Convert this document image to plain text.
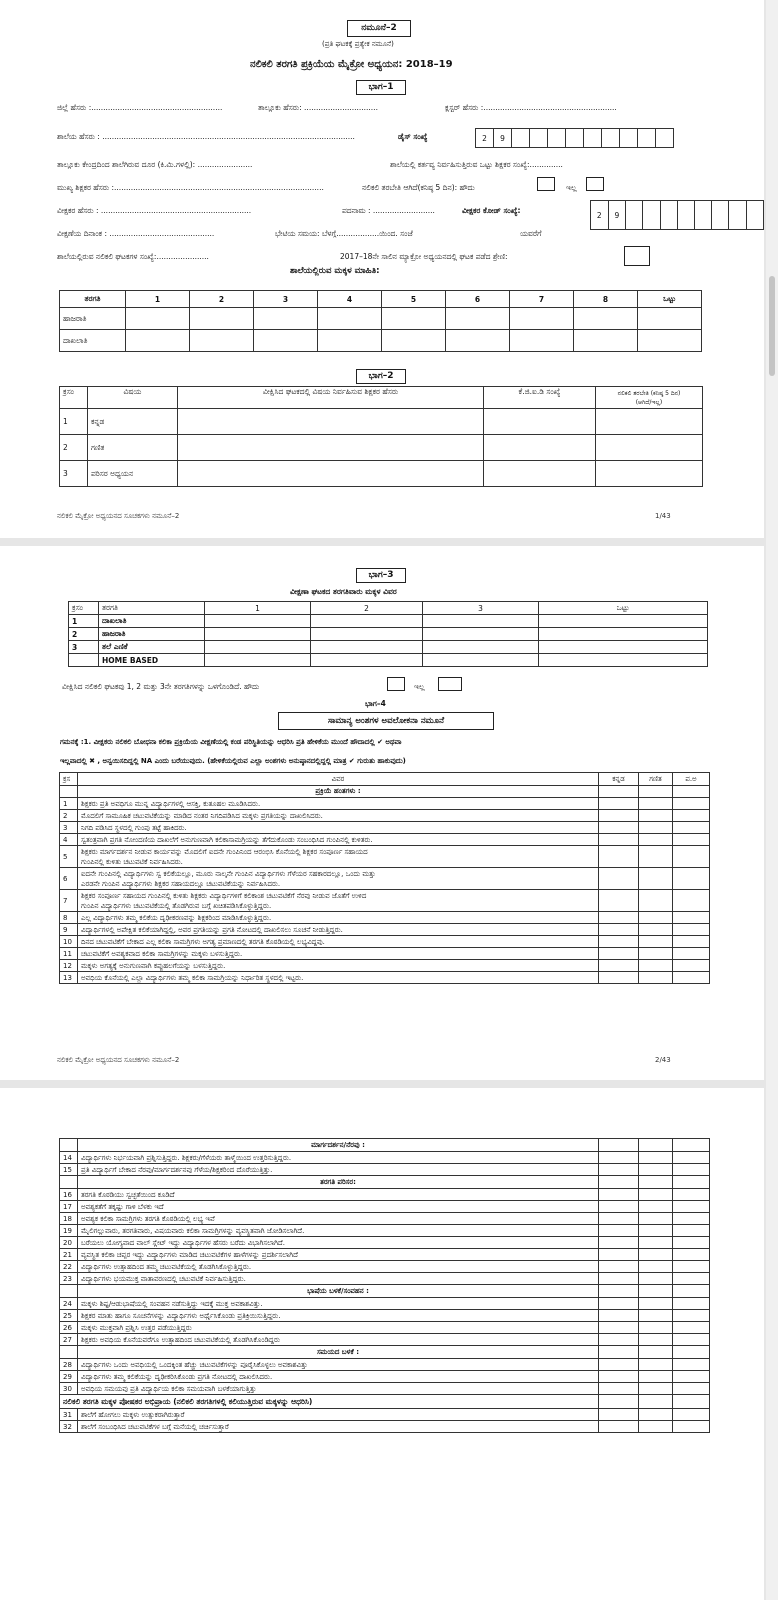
ನಮೂನೆ–2
(ಪ್ರತಿ ಘಟಕಕ್ಕೆ ಪ್ರತ್ಯೇಕ ನಮೂನೆ)
ನಲಿಕಲಿ ತರಗತಿ ಪ್ರಕ್ರಿಯೆಯ ಮೈಕ್ರೋ ಅಧ್ಯಯನ: 2018–19
ಭಾಗ–1
ಜಿಲ್ಲೆ ಹೆಸರು :.......................................................	ತಾಲ್ಲೂಕು ಹೆಸರು: ...............................	ಕ್ಲಸ್ಟರ್ ಹೆಸರು :........................................................
ಶಾಲೆಯ ಹೆಸರು : ..........................................................................................................	ಡೈಸ್ ಸಂಖ್ಯೆ	2	9									
ತಾಲ್ಲೂಕು ಕೇಂದ್ರದಿಂದ ಶಾಲೆಗಿರುವ ದೂರ (ಕಿ.ಮಿ.ಗಳಲ್ಲಿ): .......................	ಶಾಲೆಯಲ್ಲಿ ಕರ್ತವ್ಯ ನಿರ್ವಹಿಸುತ್ತಿರುವ ಒಟ್ಟು ಶಿಕ್ಷಕರ ಸಂಖ್ಯೆ:..............
ಮುಖ್ಯ ಶಿಕ್ಷಕರ ಹೆಸರು :........................................................................................	ನಲಿಕಲಿ ತರಬೇತಿ ಆಗಿದೆ(ಕನಿಷ್ಠ 5 ದಿನ): ಹೌದು	ಇಲ್ಲ
ವೀಕ್ಷಕರ ಹೆಸರು : ...............................................................	ಪದನಾಮ : ..........................	ವೀಕ್ಷಕರ ಕೋಡ್ ಸಂಖ್ಯೆ:	2	9								
ವೀಕ್ಷಣೆಯ ದಿನಾಂಕ : ............................................	ಭೇಟಿಯ ಸಮಯ: ಬೆಳಗ್ಗೆ..................ಯಿಂದ. ಸಂಜೆ	ಯವರೆಗೆ
ಶಾಲೆಯಲ್ಲಿರುವ ನಲಿಕಲಿ ಘಟಕಗಳ ಸಂಖ್ಯೆ:......................	2017–18ನೇ ಸಾಲಿನ ಮ್ಯಾಕ್ರೋ ಅಧ್ಯಯನದಲ್ಲಿ ಘಟಕ ಪಡೆದ ಶ್ರೇಣಿ:
ಶಾಲೆಯಲ್ಲಿರುವ ಮಕ್ಕಳ ಮಾಹಿತಿ:
ತರಗತಿ	1	2	3	4	5	6	7	8	ಒಟ್ಟು
ಹಾಜರಾತಿ									
ದಾಖಲಾತಿ									
ಭಾಗ–2
ಕ್ರಸಂ	ವಿಷಯ	ವೀಕ್ಷಿಸಿದ ಘಟಕದಲ್ಲಿ ವಿಷಯ ನಿರ್ವಹಿಸುವ ಶಿಕ್ಷಕರ ಹೆಸರು	ಕೆ.ಜಿ.ಐ.ಡಿ ಸಂಖ್ಯೆ	ನಲಿಕಲಿ ತರಬೇತಿ (ಕನಿಷ್ಠ 5 ದಿನ)
(ಆಗಿದೆ/ಇಲ್ಲ)

1	ಕನ್ನಡ			
2	ಗಣಿತ			
3	ಪರಿಸರ ಅಧ್ಯಯನ			
ನಲಿಕಲಿ ಮೈಕ್ರೋ ಅಧ್ಯಯನದ ಸೂಚಕಗಳು ನಮೂನೆ–2	1/43
ಭಾಗ–3
ವೀಕ್ಷಣಾ ಘಟಕದ ತರಗತಿವಾರು ಮಕ್ಕಳ ವಿವರ
ಕ್ರಸಂ	ತರಗತಿ	1	2	3	ಒಟ್ಟು
1	ದಾಖಲಾತಿ				
2	ಹಾಜರಾತಿ				
3	ತಲೆ ಎಣಿಕೆ				
	HOME BASED				
ವೀಕ್ಷಿಸಿದ ನಲಿಕಲಿ ಘಟಕವು 1, 2 ಮತ್ತು 3ನೇ ತರಗತಿಗಳನ್ನು ಒಳಗೊಂಡಿದೆ. ಹೌದು	ಇಲ್ಲ
ಭಾಗ–4
ಸಾಮಾನ್ಯ ಅಂಶಗಳ ಅವಲೋಕನಾ ನಮೂನೆ
ಗಮನಕ್ಕೆ :1. ವೀಕ್ಷಕರು ನಲಿಕಲಿ ಬೋಧನಾ ಕಲಿಕಾ ಪ್ರಕ್ರಿಯೆಯ ವೀಕ್ಷಣೆಯಲ್ಲಿ ಕಂಡ ಪರಿಸ್ಥಿತಿಯನ್ನು ಆಧರಿಸಿ ಪ್ರತಿ ಹೇಳಿಕೆಯ ಮುಂದೆ ಹೌದಾದಲ್ಲಿ ✔ ಅಥವಾ
ಇಲ್ಲವಾದಲ್ಲಿ ✖ , ಅನ್ವಯಿಸದಿದ್ದಲ್ಲಿ NA ಎಂದು ಬರೆಯುವುದು. (ಹೇಳಿಕೆಯಲ್ಲಿರುವ ಎಲ್ಲಾ ಅಂಶಗಳು ಅನುಷ್ಠಾನದಲ್ಲಿದ್ದಲ್ಲಿ ಮಾತ್ರ ✔ ಗುರುತು ಹಾಕುವುದು)
ಕ್ರಸ	ವಿವರ	ಕನ್ನಡ	ಗಣಿತ	ಪ.ಅ
	ಪ್ರಕ್ರಿಯೆ ಹಂತಗಳು :			
1	ಶಿಕ್ಷಕರು ಪ್ರತಿ ಅವಧಿಗೂ ಮುನ್ನ ವಿದ್ಯಾರ್ಥಿಗಳಲ್ಲಿ ಆಸಕ್ತಿ, ಕುತೂಹಲ ಮೂಡಿಸಿದರು.			

2	ಮೊದಲಿಗೆ ಸಾಮೂಹಿಕ ಚಟುವಟಿಕೆಯನ್ನು ಮಾಡಿದ ನಂತರ ನಿಗದಿಪಡಿಸಿದ ಮಕ್ಕಳು ಪ್ರಗತಿಯನ್ನು ದಾಖಲಿಸಿದರು.			

3	ನಿಗದಿ ಪಡಿಸಿದ ಸ್ಥಳದಲ್ಲಿ ಗುಂಪು ತಟ್ಟೆ ಹಾಕಿದರು.			

4	ಸ್ವತಂತ್ರವಾಗಿ ಪ್ರಗತಿ ನೋಂದಣಿಯ ದಾಖಲೆಗೆ ಅನುಗುಣವಾಗಿ ಕಲಿಕಾಸಾಮಗ್ರಿಯನ್ನು ತೆಗೆದುಕೊಂಡು ಸಂಬಂಧಿಸಿದ ಗುಂಪಿನಲ್ಲಿ ಕುಳಿತರು.			

5	ಶಿಕ್ಷಕರು ಮಾರ್ಗದರ್ಶನ ನೀಡುವ ಕಾರ್ಯವನ್ನು ಮೊದಲಿಗೆ ಐದನೇ ಗುಂಪಿನಿಂದ ಆರಂಭಿಸಿ ಕೊನೆಯಲ್ಲಿ ಶಿಕ್ಷಕರ ಸಂಪೂರ್ಣ ಸಹಾಯದ
ಗುಂಪಿನಲ್ಲಿ ಕುಳಿತು ಚಟುವಟಿಕೆ ನಿರ್ವಹಿಸಿದರು.			

6	ಐದನೇ ಗುಂಪಿನಲ್ಲಿ ವಿದ್ಯಾರ್ಥಿಗಳು ಸ್ವ ಕಲಿಕೆಯಲ್ಲೂ, ಮೂರು ನಾಲ್ಕನೇ ಗುಂಪಿನ ವಿದ್ಯಾರ್ಥಿಗಳು ಗೆಳೆಯರ ಸಹಕಾರದಲ್ಲೂ, ಒಂದು ಮತ್ತು
ಎರಡನೇ ಗುಂಪಿನ ವಿದ್ಯಾರ್ಥಿಗಳು ಶಿಕ್ಷಕರ ಸಹಾಯದಲ್ಲೂ ಚಟುವಟಿಕೆಯನ್ನು ನಿರ್ವಹಿಸಿದರು.			

7	ಶಿಕ್ಷಕರ ಸಂಪೂರ್ಣ ಸಹಾಯದ ಗುಂಪಿನಲ್ಲಿ ಕುಳಿತು ಶಿಕ್ಷಕರು ವಿದ್ಯಾರ್ಥಿಗಳಿಗೆ ಕಲಿಕಾಂಶ ಚಟುವಟಿಕೆಗೆ ನೆರವು ನೀಡುವ ಜೊತೆಗೆ ಉಳಿದ
ಗುಂಪಿನ ವಿದ್ಯಾರ್ಥಿಗಳು ಚಟುವಟಿಕೆಯಲ್ಲಿ ತೊಡಗಿರುವ ಬಗ್ಗೆ ಖಚಿತಪಡಿಸಿಕೊಳ್ಳುತ್ತಿದ್ದರು.			

8	ಎಲ್ಲ ವಿದ್ಯಾರ್ಥಿಗಳು ತಮ್ಮ ಕಲಿಕೆಯ ದೃಢೀಕರಣವನ್ನು ಶಿಕ್ಷಕರಿಂದ ಮಾಡಿಸಿಕೊಳ್ಳುತ್ತಿದ್ದರು.			

9	ವಿದ್ಯಾರ್ಥಿಗಳಲ್ಲಿ ಅಪೇಕ್ಷಿತ ಕಲಿಕೆಯಾಗಿದ್ದಲ್ಲಿ, ಅವರ ಪ್ರಗತಿಯನ್ನು ಪ್ರಗತಿ ನೋಟದಲ್ಲಿ ದಾಖಲಿಸಲು ಸೂಚನೆ ನೀಡುತ್ತಿದ್ದರು.			

10	ದಿನದ ಚಟುವಟಿಕೆಗೆ ಬೇಕಾದ ಎಲ್ಲ ಕಲಿಕಾ ಸಾಮಗ್ರಿಗಳು ಅಗತ್ಯ ಪ್ರಮಾಣದಲ್ಲಿ ತರಗತಿ ಕೊಠಡಿಯಲ್ಲಿ ಲಭ್ಯವಿದ್ದವು.			

11	ಚಟುವಟಿಕೆಗೆ ಅವಶ್ಯಕವಾದ ಕಲಿಕಾ ಸಾಮಗ್ರಿಗಳನ್ನು ಮಕ್ಕಳು ಬಳಸುತ್ತಿದ್ದರು.			

12	ಮಕ್ಕಳು ಅಗತ್ಯಕ್ಕೆ ಅನುಗುಣವಾಗಿ ಕಪ್ಪುಹಲಗೆಯನ್ನು ಬಳಸುತ್ತಿದ್ದರು.			

13	ಅವಧಿಯ ಕೊನೆಯಲ್ಲಿ ಎಲ್ಲಾ ವಿದ್ಯಾರ್ಥಿಗಳು ತಮ್ಮ ಕಲಿಕಾ ಸಾಮಗ್ರಿಯನ್ನು ನಿರ್ಧಾರಿತ ಸ್ಥಳದಲ್ಲಿ ಇಟ್ಟರು.			

ನಲಿಕಲಿ ಮೈಕ್ರೋ ಅಧ್ಯಯನದ ಸೂಚಕಗಳು ನಮೂನೆ–2	2/43
	ಮಾರ್ಗದರ್ಶನ/ನೆರವು :			
14	ವಿದ್ಯಾರ್ಥಿಗಳು ನಿರ್ಭಯವಾಗಿ ಪ್ರಶ್ನಿಸುತ್ತಿದ್ದರು. ಶಿಕ್ಷಕರು/ಗೆಳೆಯರು ತಾಳ್ಮೆಯಿಂದ ಉತ್ತರಿಸುತ್ತಿದ್ದರು.			

15	ಪ್ರತಿ ವಿದ್ಯಾರ್ಥಿಗೆ ಬೇಕಾದ ನೆರವು/ಮಾರ್ಗದರ್ಶನವು ಗೆಳೆಯ/ಶಿಕ್ಷಕರಿಂದ ದೊರೆಯುತ್ತಿತ್ತು.			

	ತರಗತಿ ಪರಿಸರ:			
16	ತರಗತಿ ಕೊಠಡಿಯು ಸ್ವಚ್ಛತೆಯಿಂದ ಕೂಡಿದೆ			

17	ಅವಶ್ಯಕತೆಗೆ ತಕ್ಕಷ್ಟು ಗಾಳಿ ಬೆಳಕು ಇದೆ			

18	ಅವಶ್ಯಕ ಕಲಿಕಾ ಸಾಮಗ್ರಿಗಳು ತರಗತಿ ಕೊಠಡಿಯಲ್ಲಿ ಲಭ್ಯ ಇವೆ			

19	ಮೈಲಿಗಲ್ಲುವಾರು, ತರಗತಿವಾರು, ವಿಷಯವಾರು ಕಲಿಕಾ ಸಾಮಗ್ರಿಗಳನ್ನು ವ್ಯವಸ್ಥಿತವಾಗಿ ಜೋಡಿಸಲಾಗಿದೆ.			

20	ಬರೆಯಲು ಯೋಗ್ಯವಾದ ವಾಲ್ ಸ್ಲೇಟ್ ಇದ್ದು ವಿದ್ಯಾರ್ಥಿಗಳ ಹೆಸರು ಬರೆದು ವಿಭಾಗಿಸಲಾಗಿದೆ.			

21	ವ್ಯವಸ್ಥಿತ ಕಲಿಕಾ ಚಪ್ಪರ ಇದ್ದು ವಿದ್ಯಾರ್ಥಿಗಳು ಮಾಡಿದ ಚಟುವಟಿಕೆಗಳ ಹಾಳೆಗಳನ್ನು ಪ್ರದರ್ಶಿಸಲಾಗಿದೆ			

22	ವಿದ್ಯಾರ್ಥಿಗಳು ಉತ್ಸಾಹದಿಂದ ತಮ್ಮ ಚಟುವಟಿಕೆಯಲ್ಲಿ ತೊಡಗಿಸಿಕೊಳ್ಳುತ್ತಿದ್ದರು.			

23	ವಿದ್ಯಾರ್ಥಿಗಳು ಭಯಮುಕ್ತ ವಾತಾವರಣದಲ್ಲಿ ಚಟುವಟಿಕೆ ನಿರ್ವಹಿಸುತ್ತಿದ್ದರು.			

	ಭಾಷೆಯ ಬಳಕೆ/ಸಂವಹನ :			
24	ಮಕ್ಕಳು ಶಿಷ್ಟ/ಆಡುಭಾಷೆಯಲ್ಲಿ ಸಂವಹನ ನಡೆಸುತ್ತಿದ್ದು ಇದಕ್ಕೆ ಮುಕ್ತ ಅವಕಾಶವಿತ್ತು.			

25	ಶಿಕ್ಷಕರ ಮಾತು ಹಾಗೂ ಸೂಚನೆಗಳನ್ನು ವಿದ್ಯಾರ್ಥಿಗಳು ಅರ್ಥೈಸಿಕೊಂಡು ಪ್ರತಿಕ್ರಿಯಿಸುತ್ತಿದ್ದರು.			

26	ಮಕ್ಕಳು ಮುಕ್ತವಾಗಿ ಪ್ರಶ್ನಿಸಿ ಉತ್ತರ ಪಡೆಯುತ್ತಿದ್ದರು			

27	ಶಿಕ್ಷಕರು ಅವಧಿಯ ಕೊನೆಯವರೆಗೂ ಉತ್ಸಾಹದಿಂದ ಚಟುವಟಿಕೆಯಲ್ಲಿ ತೊಡಗಿಸಿಕೊಂಡಿದ್ದರು			

	ಸಮಯದ ಬಳಕೆ :			
28	ವಿದ್ಯಾರ್ಥಿಗಳು ಒಂದು ಅವಧಿಯಲ್ಲಿ ಒಂದಕ್ಕಿಂತ ಹೆಚ್ಚು ಚಟುವಟಿಕೆಗಳನ್ನು ಪೂರೈಸಿಕೊಳ್ಳಲು ಅವಕಾಶವಿತ್ತು			

29	ವಿದ್ಯಾರ್ಥಿಗಳು ತಮ್ಮ ಕಲಿಕೆಯನ್ನು ದೃಢೀಕರಿಸಿಕೊಂಡು ಪ್ರಗತಿ ನೋಟದಲ್ಲಿ ದಾಖಲಿಸಿದರು.			

30	ಅವಧಿಯ ಸಮಯವು ಪ್ರತಿ ವಿದ್ಯಾರ್ಥಿಯ ಕಲಿಕಾ ಸಮಯವಾಗಿ ಬಳಕೆಯಾಗುತ್ತಿತ್ತು			

ನಲಿಕಲಿ ತರಗತಿ ಮಕ್ಕಳ ಪೋಷಕರ ಅಭಿಪ್ರಾಯ (ನಲಿಕಲಿ ತರಗತಿಗಳಲ್ಲಿ ಕಲಿಯುತ್ತಿರುವ ಮಕ್ಕಳನ್ನು ಆಧರಿಸಿ)				
31	ಶಾಲೆಗೆ ಹೋಗಲು ಮಕ್ಕಳು ಉತ್ಸುಕರಾಗಿರುತ್ತಾರೆ			

32	ಶಾಲೆಗೆ ಸಂಬಂಧಿಸಿದ ಚಟುವಟಿಕೆಗಳ ಬಗ್ಗೆ ಮನೆಯಲ್ಲಿ ಚರ್ಚಿಸುತ್ತಾರೆ			
